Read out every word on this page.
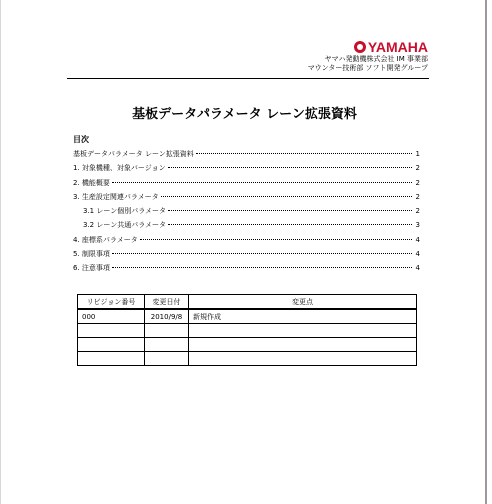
YAMAHA
ヤマハ発動機株式会社 IM 事業部
マウンター技術部 ソフト開発グループ
基板データパラメータ レーン拡張資料
目次
基板データパラメータ レーン拡張資料	1
1. 対象機種、対象バージョン	2
2. 機能概要	2
3. 生産設定関連パラメータ	2
3.1 レーン個別パラメータ	2
3.2 レーン共通パラメータ	3
4. 座標系パラメータ	4
5. 制限事項	4
6. 注意事項	4
リビジョン番号	変更日付	変更点
000	2010/9/8	新規作成
